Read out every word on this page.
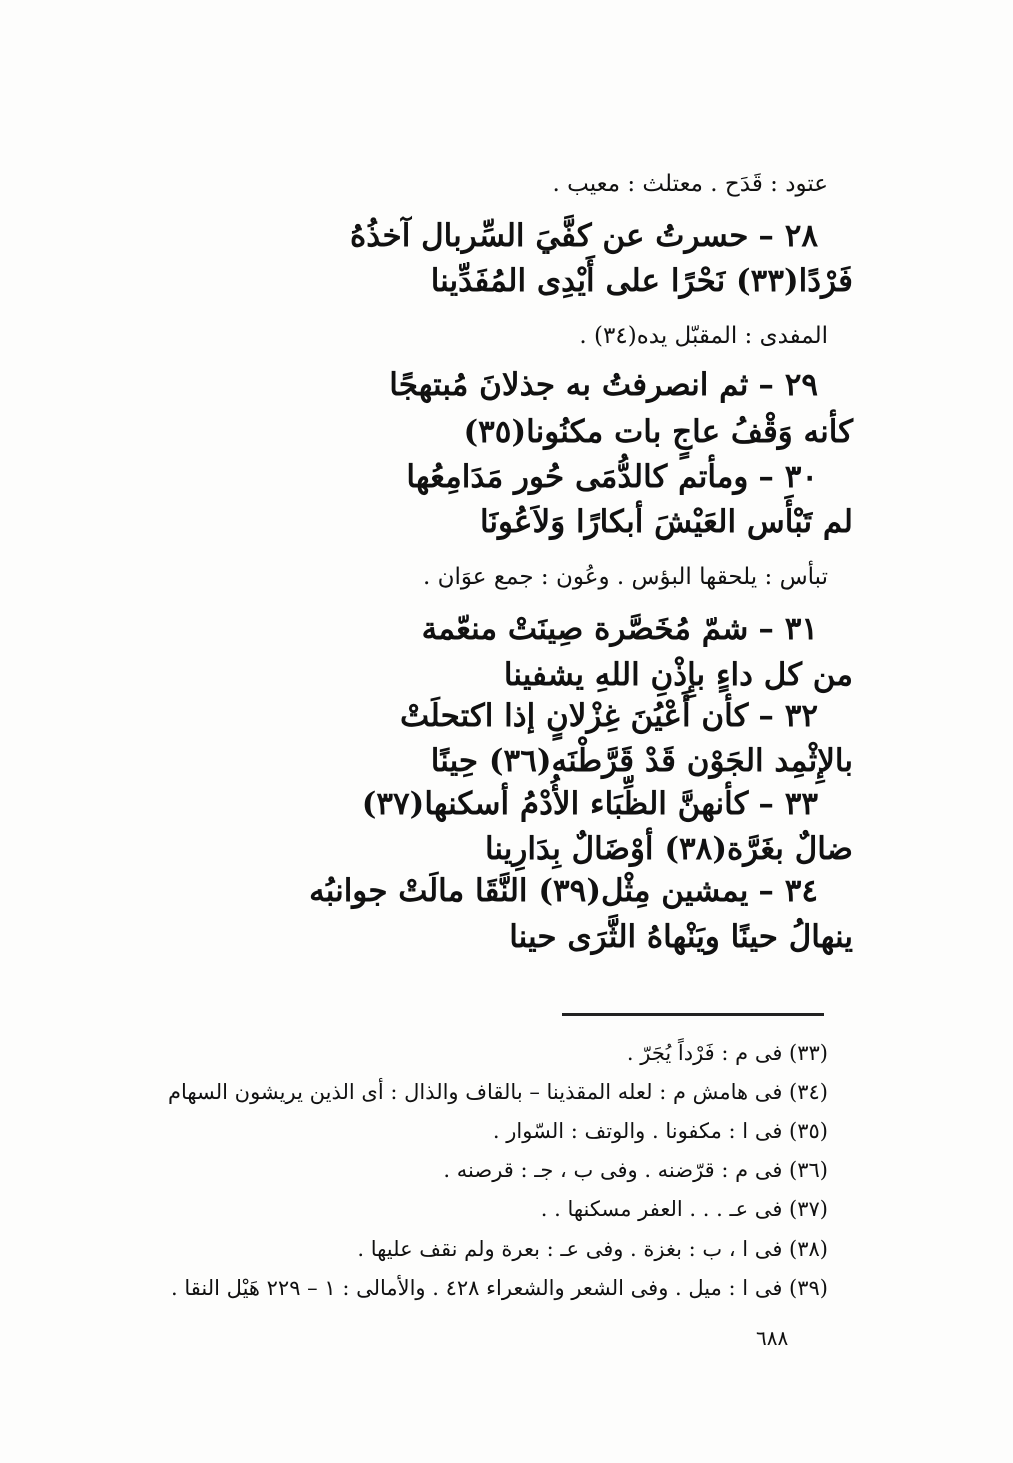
عتود : قَدَح . معتلث : معيب .
٢٨ –حسرتُ عن كفَّيَ السِّربال آخذُهُ
فَرْدًا(٣٣) نَحْرًا على أَيْدِى المُفَدِّينا
المفدى : المقبّل يده(٣٤) .
٢٩ –ثم انصرفتُ به جذلانَ مُبتهجًا
كأنه وَقْفُ عاجٍ بات مكنُونا(٣٥)
٣٠ –ومأتم كالدُّمَى حُور مَدَامِعُها
لم تَبْأَس العَيْشَ أبكارًا وَلاَعُونَا
تبأس : يلحقها البؤس . وعُون : جمع عوَان .
٣١ –شمّ مُخَصَّرة صِينَتْ منعّمة
من كل داءٍ بإِذْنِ اللهِ يشفينا
٣٢ –كأن أَعْيُنَ غِزْلانٍ إذا اكتحلَتْ
بالإِثْمِد الجَوْن قَدْ قَرَّطْنَه(٣٦) حِينًا
٣٣ –كأنهنَّ الظِّبَاء الأُدْمُ أسكنها(٣٧)
ضالٌ بغَرَّة(٣٨) أوْضَالٌ بِدَارِينا
٣٤ –يمشين مِثْل(٣٩) النَّقَا مالَتْ جوانبُه
ينهالُ حينًا ويَنْهاهُ الثَّرَى حينا
(٣٣) فى م : فَرْداً يُجَرّ .
(٣٤) فى هامش م : لعله المقذينا – بالقاف والذال : أى الذين يريشون السهام
(٣٥) فى ا : مكفونا . والوتف : السّوار .
(٣٦) فى م : قرّضنه . وفى ب ، جـ : قرصنه .
(٣٧) فى عـ . . . العفر مسكنها . .
(٣٨) فى ا ، ب : بغزة . وفى عـ : بعرة ولم نقف عليها .
(٣٩) فى ا : ميل . وفى الشعر والشعراء ٤٢٨ . والأمالى : ١ – ٢٢٩ هَيْل النقا .
٦٨٨
